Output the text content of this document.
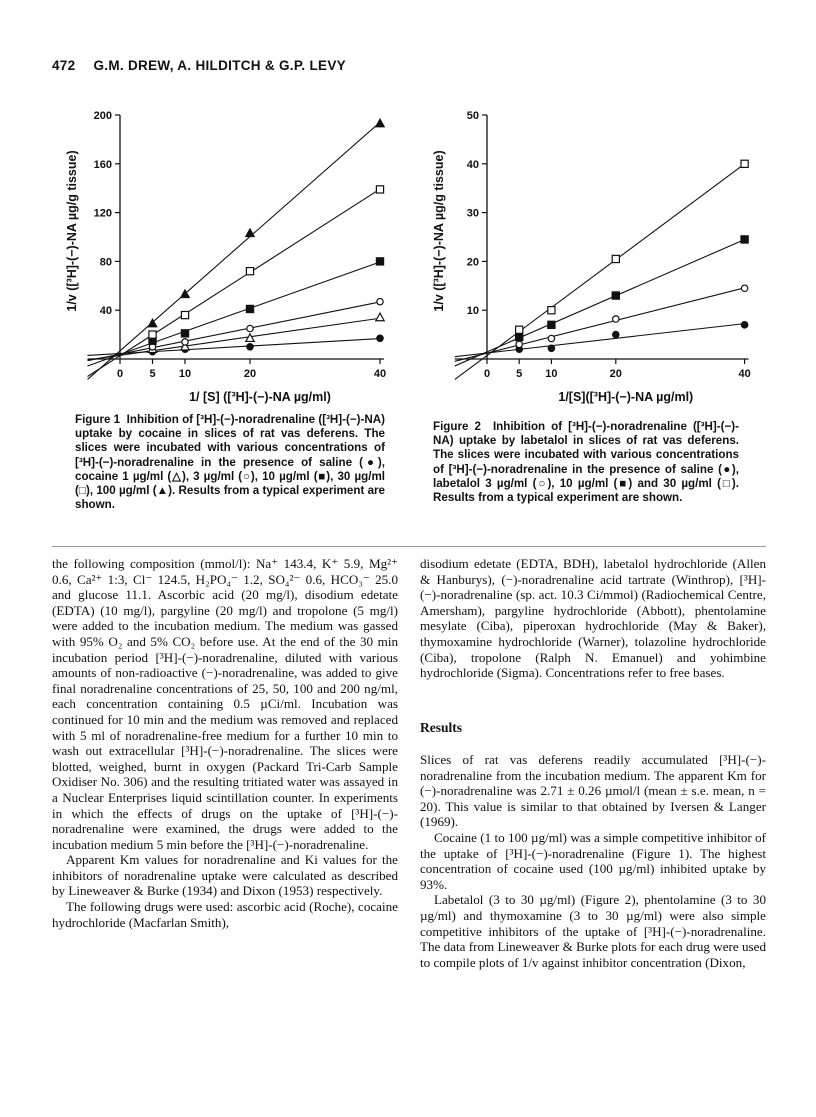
472 G.M. DREW, A. HILDITCH & G.P. LEVY
0 5 10	20	40
40
80
120
160
200
1/ [S] ([³H]-(−)-NA µg/ml)
1/v ([³H]-(−)-NA µg/g tissue)
0 5 10	20	40
10
20
30
40
50
1/[S]([³H]-(−)-NA µg/ml)
1/v ([³H]-(−)-NA µg/g tissue)
Figure 1 Inhibition of [³H]-(−)-noradrenaline ([³H]-(−)-NA) uptake by cocaine in slices of rat vas deferens. The slices were incubated with various concentrations of [³H]-(−)-noradrenaline in the presence of saline (●), cocaine 1 µg/ml (△), 3 µg/ml (○), 10 µg/ml (■), 30 µg/ml (□), 100 µg/ml (▲). Results from a typical experiment are shown.
Figure 2 Inhibition of [³H]-(−)-noradrenaline ([³H]-(−)-NA) uptake by labetalol in slices of rat vas deferens. The slices were incubated with various concentrations of [³H]-(−)-noradrenaline in the presence of saline (●), labetalol 3 µg/ml (○), 10 µg/ml (■) and 30 µg/ml (□). Results from a typical experiment are shown.

the following composition (mmol/l): Na⁺ 143.4, K⁺ 5.9, Mg²⁺ 0.6, Ca²⁺ 1:3, Cl⁻ 124.5, H₂PO₄⁻ 1.2, SO₄²⁻ 0.6, HCO₃⁻ 25.0 and glucose 11.1. Ascorbic acid (20 mg/l), disodium edetate (EDTA) (10 mg/l), pargyline (20 mg/l) and tropolone (5 mg/l) were added to the incubation medium. The medium was gassed with 95% O₂ and 5% CO₂ before use. At the end of the 30 min incubation period [³H]-(−)-noradrenaline, diluted with various amounts of non-radioactive (−)-noradrenaline, was added to give final noradrenaline concentrations of 25, 50, 100 and 200 ng/ml, each concentration containing 0.5 µCi/ml. Incubation was continued for 10 min and the medium was removed and replaced with 5 ml of noradrenaline-free medium for a further 10 min to wash out extracellular [³H]-(−)-noradrenaline. The slices were blotted, weighed, burnt in oxygen (Packard Tri-Carb Sample Oxidiser No. 306) and the resulting tritiated water was assayed in a Nuclear Enterprises liquid scintillation counter. In experiments in which the effects of drugs on the uptake of [³H]-(−)-noradrenaline were examined, the drugs were added to the incubation medium 5 min before the [³H]-(−)-noradrenaline.

Apparent Km values for noradrenaline and Ki values for the inhibitors of noradrenaline uptake were calculated as described by Lineweaver & Burke (1934) and Dixon (1953) respectively.

The following drugs were used: ascorbic acid (Roche), cocaine hydrochloride (Macfarlan Smith),

disodium edetate (EDTA, BDH), labetalol hydrochloride (Allen & Hanburys), (−)-noradrenaline acid tartrate (Winthrop), [³H]-(−)-noradrenaline (sp. act. 10.3 Ci/mmol) (Radiochemical Centre, Amersham), pargyline hydrochloride (Abbott), phentolamine mesylate (Ciba), piperoxan hydrochloride (May & Baker), thymoxamine hydrochloride (Warner), tolazoline hydrochloride (Ciba), tropolone (Ralph N. Emanuel) and yohimbine hydrochloride (Sigma). Concentrations refer to free bases.

Results

Slices of rat vas deferens readily accumulated [³H]-(−)-noradrenaline from the incubation medium. The apparent Km for (−)-noradrenaline was 2.71 ± 0.26 µmol/l (mean ± s.e. mean, n = 20). This value is similar to that obtained by Iversen & Langer (1969).

Cocaine (1 to 100 µg/ml) was a simple competitive inhibitor of the uptake of [³H]-(−)-noradrenaline (Figure 1). The highest concentration of cocaine used (100 µg/ml) inhibited uptake by 93%.

Labetalol (3 to 30 µg/ml) (Figure 2), phentolamine (3 to 30 µg/ml) and thymoxamine (3 to 30 µg/ml) were also simple competitive inhibitors of the uptake of [³H]-(−)-noradrenaline. The data from Lineweaver & Burke plots for each drug were used to compile plots of 1/v against inhibitor concentration (Dixon,
